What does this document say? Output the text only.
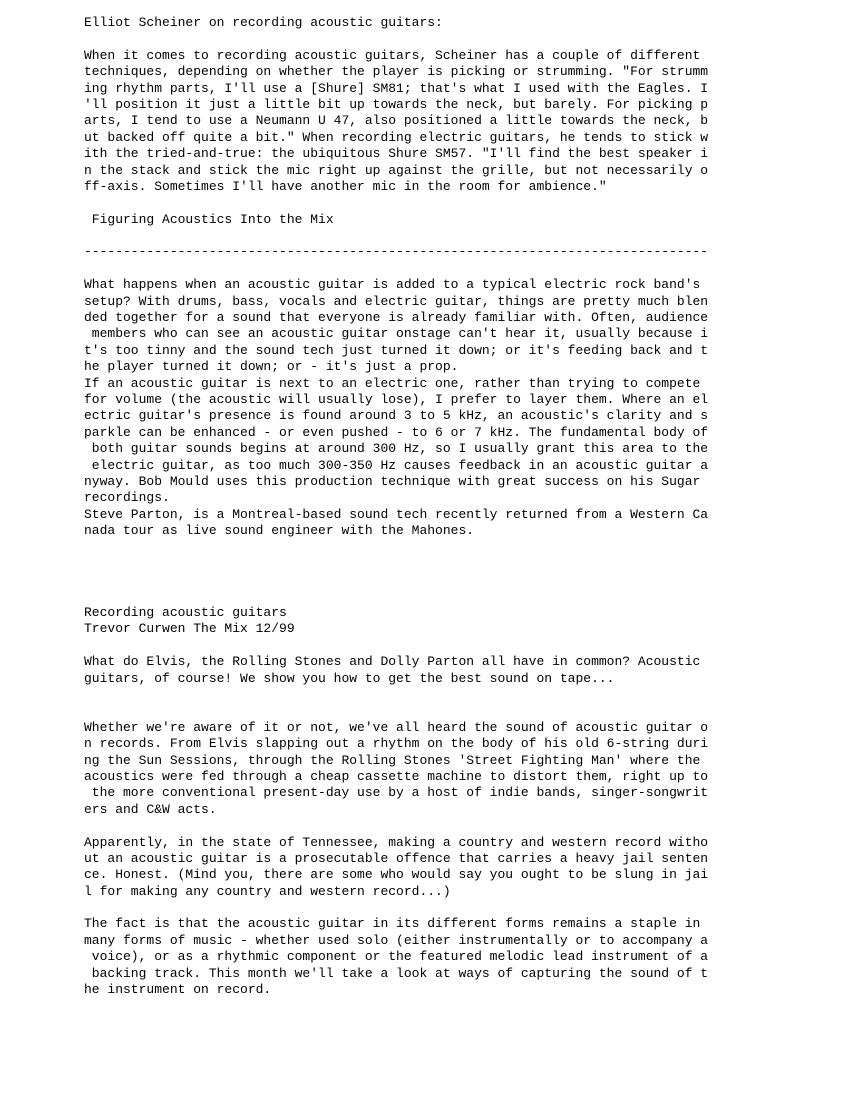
Elliot Scheiner on recording acoustic guitars:
When it comes to recording acoustic guitars, Scheiner has a couple of different
techniques, depending on whether the player is picking or strumming. "For strumm
ing rhythm parts, I'll use a [Shure] SM81; that's what I used with the Eagles. I
'll position it just a little bit up towards the neck, but barely. For picking p
arts, I tend to use a Neumann U 47, also positioned a little towards the neck, b
ut backed off quite a bit." When recording electric guitars, he tends to stick w
ith the tried-and-true: the ubiquitous Shure SM57. "I'll find the best speaker i
n the stack and stick the mic right up against the grille, but not necessarily o
ff-axis. Sometimes I'll have another mic in the room for ambience."
Figuring Acoustics Into the Mix
--------------------------------------------------------------------------------
What happens when an acoustic guitar is added to a typical electric rock band's
setup? With drums, bass, vocals and electric guitar, things are pretty much blen
ded together for a sound that everyone is already familiar with. Often, audience
members who can see an acoustic guitar onstage can't hear it, usually because i
t's too tinny and the sound tech just turned it down; or it's feeding back and t
he player turned it down; or - it's just a prop.
If an acoustic guitar is next to an electric one, rather than trying to compete
for volume (the acoustic will usually lose), I prefer to layer them. Where an el
ectric guitar's presence is found around 3 to 5 kHz, an acoustic's clarity and s
parkle can be enhanced - or even pushed - to 6 or 7 kHz. The fundamental body of
both guitar sounds begins at around 300 Hz, so I usually grant this area to the
electric guitar, as too much 300-350 Hz causes feedback in an acoustic guitar a
nyway. Bob Mould uses this production technique with great success on his Sugar
recordings.
Steve Parton, is a Montreal-based sound tech recently returned from a Western Ca
nada tour as live sound engineer with the Mahones.
Recording acoustic guitars
Trevor Curwen The Mix 12/99
What do Elvis, the Rolling Stones and Dolly Parton all have in common? Acoustic
guitars, of course! We show you how to get the best sound on tape...
Whether we're aware of it or not, we've all heard the sound of acoustic guitar o
n records. From Elvis slapping out a rhythm on the body of his old 6-string duri
ng the Sun Sessions, through the Rolling Stones 'Street Fighting Man' where the
acoustics were fed through a cheap cassette machine to distort them, right up to
the more conventional present-day use by a host of indie bands, singer-songwrit
ers and C&W acts.
Apparently, in the state of Tennessee, making a country and western record witho
ut an acoustic guitar is a prosecutable offence that carries a heavy jail senten
ce. Honest. (Mind you, there are some who would say you ought to be slung in jai
l for making any country and western record...)
The fact is that the acoustic guitar in its different forms remains a staple in
many forms of music - whether used solo (either instrumentally or to accompany a
voice), or as a rhythmic component or the featured melodic lead instrument of a
backing track. This month we'll take a look at ways of capturing the sound of t
he instrument on record.
